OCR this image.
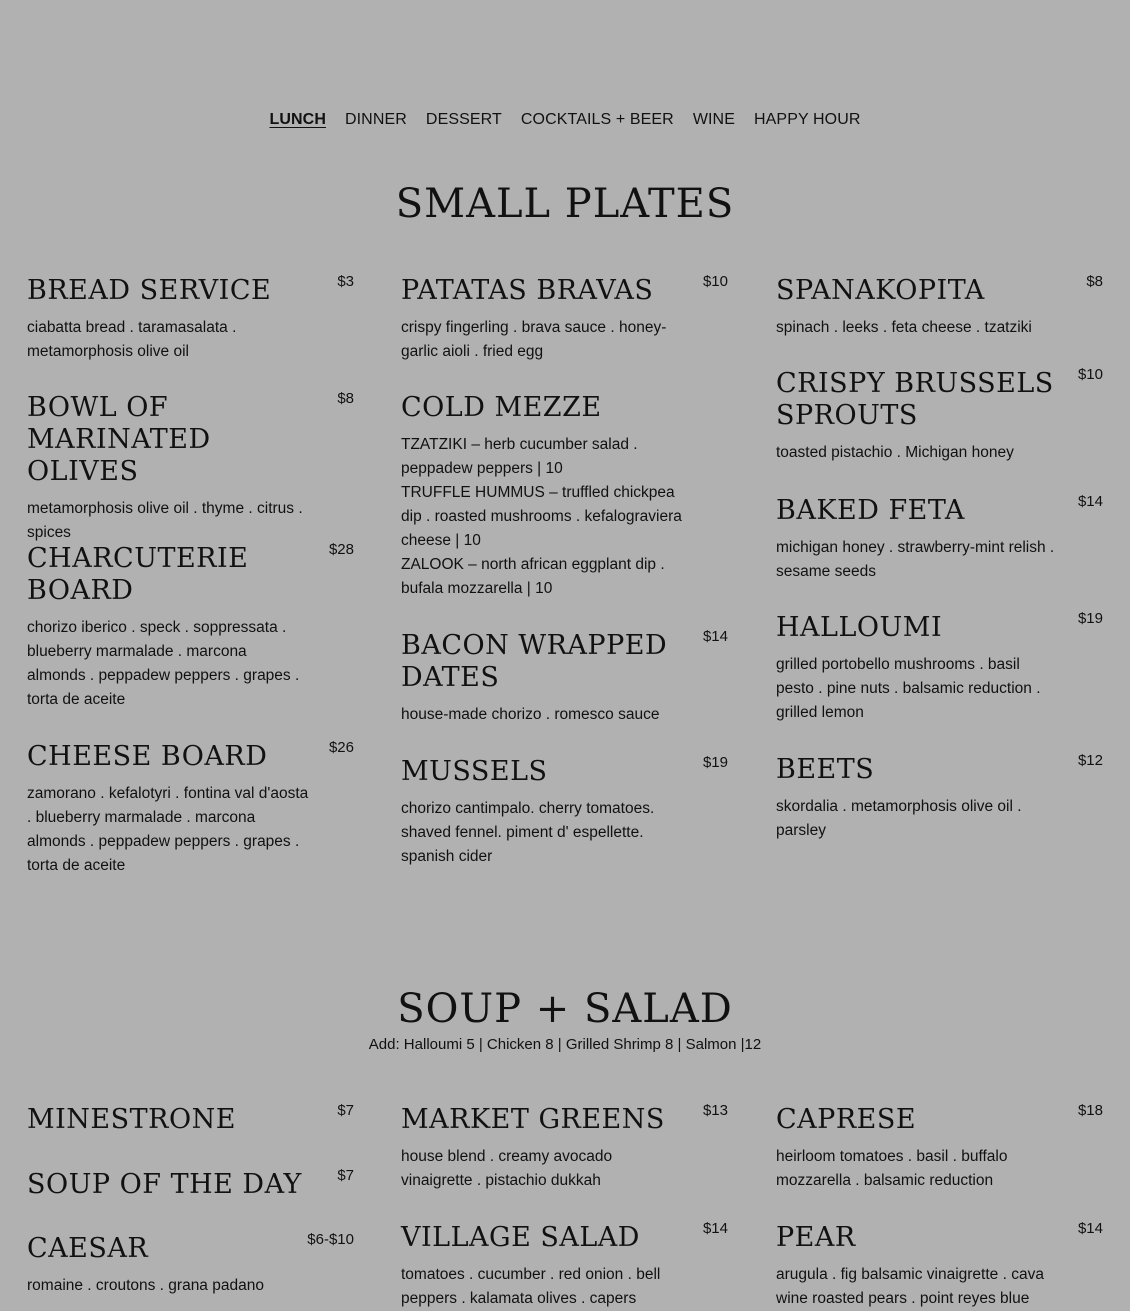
LUNCH DINNER DESSERT COCKTAILS + BEER WINE HAPPY HOUR
SMALL PLATES
BREAD SERVICE	$3
ciabatta bread . taramasalata . metamorphosis olive oil
BOWL OF MARINATED OLIVES
$8
metamorphosis olive oil . thyme . citrus . spices
CHARCUTERIE BOARD
$28
chorizo iberico . speck . soppressata . blueberry marmalade . marcona almonds . peppadew peppers . grapes . torta de aceite
CHEESE BOARD	$26
zamorano . kefalotyri . fontina val d'aosta . blueberry marmalade . marcona almonds . peppadew peppers . grapes . torta de aceite
PATATAS BRAVAS	$10
crispy fingerling . brava sauce . honey-garlic aioli . fried egg
COLD MEZZE
TZATZIKI – herb cucumber salad . peppadew peppers | 10
TRUFFLE HUMMUS – truffled chickpea dip . roasted mushrooms . kefalograviera cheese | 10
ZALOOK – north african eggplant dip . bufala mozzarella | 10
BACON WRAPPED DATES
$14
house-made chorizo . romesco sauce
MUSSELS	$19
chorizo cantimpalo. cherry tomatoes. shaved fennel. piment d' espellette. spanish cider
SPANAKOPITA	$8
spinach . leeks . feta cheese . tzatziki
CRISPY BRUSSELS SPROUTS
$10
toasted pistachio . Michigan honey
BAKED FETA	$14
michigan honey . strawberry-mint relish . sesame seeds
HALLOUMI	$19
grilled portobello mushrooms . basil pesto . pine nuts . balsamic reduction . grilled lemon
BEETS	$12
skordalia . metamorphosis olive oil . parsley
SOUP + SALAD
Add: Halloumi 5 | Chicken 8 | Grilled Shrimp 8 | Salmon |12
MINESTRONE	$7
SOUP OF THE DAY	$7
CAESAR	$6-$10
romaine . croutons . grana padano
MARKET GREENS	$13
house blend . creamy avocado vinaigrette . pistachio dukkah
VILLAGE SALAD	$14
tomatoes . cucumber . red onion . bell peppers . kalamata olives . capers
CAPRESE	$18
heirloom tomatoes . basil . buffalo mozzarella . balsamic reduction
PEAR	$14
arugula . fig balsamic vinaigrette . cava wine roasted pears . point reyes blue
